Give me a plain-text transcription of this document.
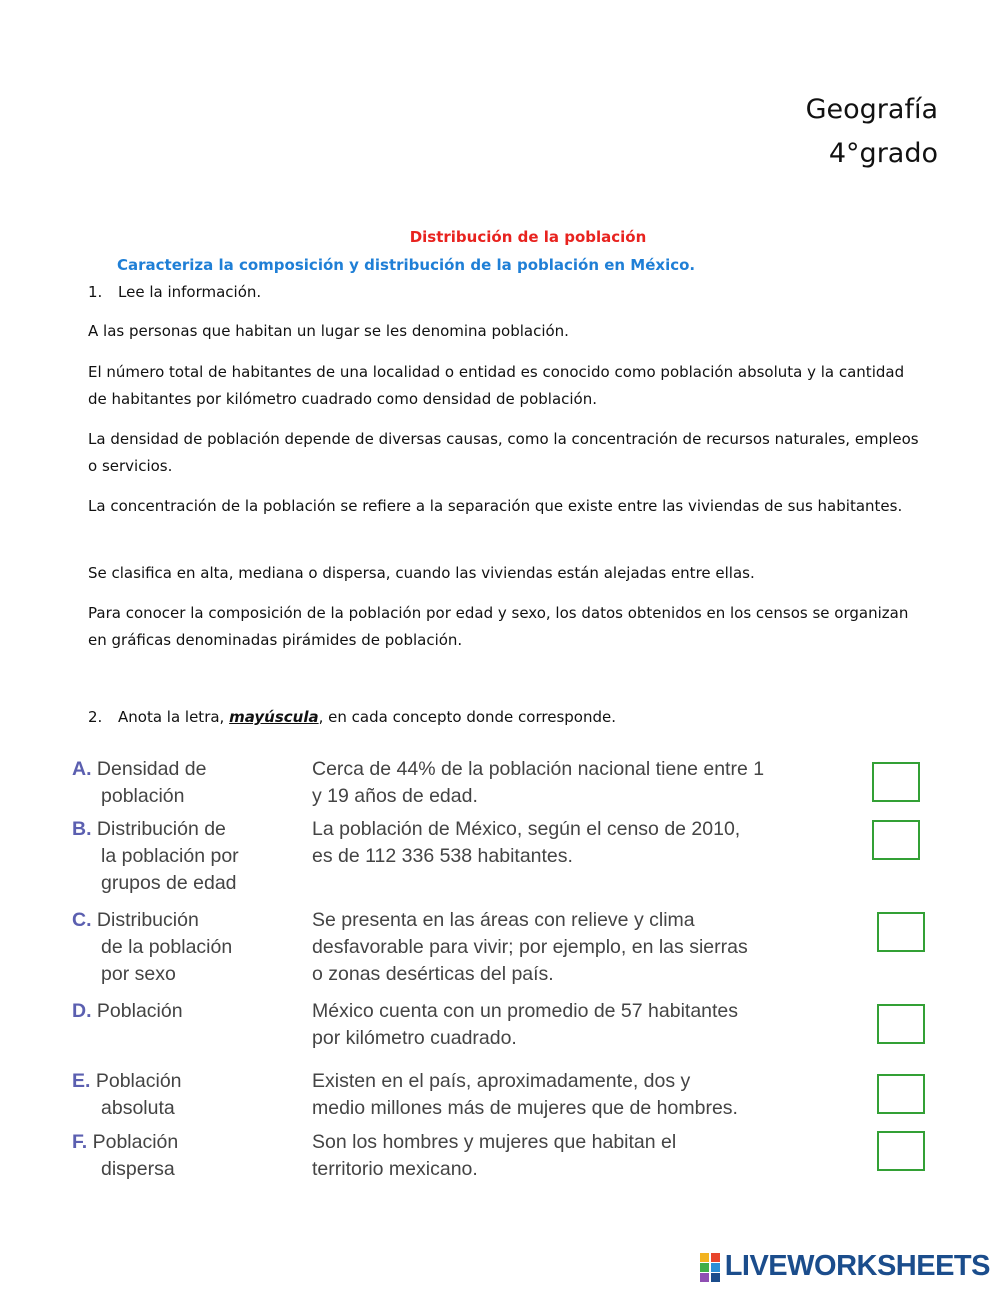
Geografía
4°grado
Distribución de la población
Caracteriza la composición y distribución de la población en México.
1. Lee la información.

A las personas que habitan un lugar se les denomina población.

El número total de habitantes de una localidad o entidad es conocido como población absoluta y la cantidad de habitantes por kilómetro cuadrado como densidad de población.

La densidad de población depende de diversas causas, como la concentración de recursos naturales, empleos o servicios.

La concentración de la población se refiere a la separación que existe entre las viviendas de sus habitantes.

Se clasifica en alta, mediana o dispersa, cuando las viviendas están alejadas entre ellas.

Para conocer la composición de la población por edad y sexo, los datos obtenidos en los censos se organizan en gráficas denominadas pirámides de población.

2. Anota la letra, mayúscula, en cada concepto donde corresponde.
A. Densidad de
población
Cerca de 44% de la población nacional tiene entre 1
y 19 años de edad.
B. Distribución de
la población por
grupos de edad
La población de México, según el censo de 2010,
es de 112 336 538 habitantes.
C. Distribución
de la población
por sexo
Se presenta en las áreas con relieve y clima
desfavorable para vivir; por ejemplo, en las sierras
o zonas desérticas del país.
D. Población	México cuenta con un promedio de 57 habitantes
por kilómetro cuadrado.
E. Población
absoluta
Existen en el país, aproximadamente, dos y
medio millones más de mujeres que de hombres.
F. Población
dispersa
Son los hombres y mujeres que habitan el
territorio mexicano.
LIVEWORKSHEETS
